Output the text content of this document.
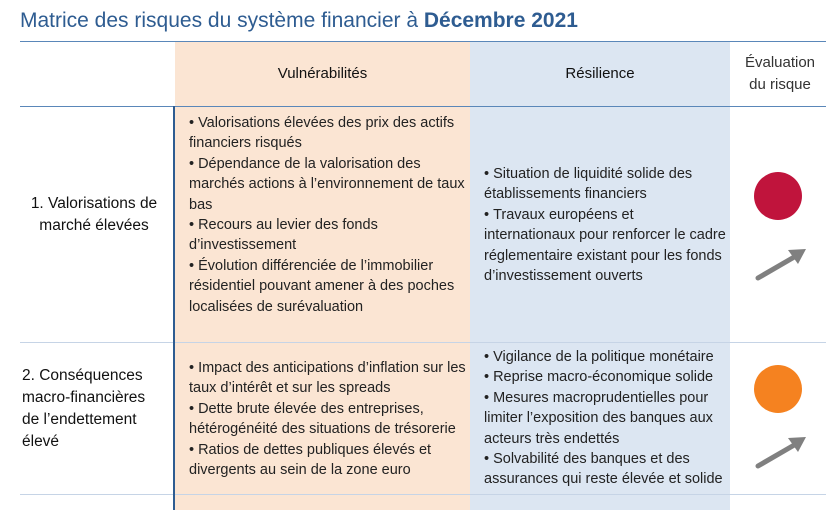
Matrice des risques du système financier à Décembre 2021
Vulnérabilités	Résilience
Évaluation du risque
1. Valorisations de marché élevées
• Valorisations élevées des prix des actifs financiers risqués
• Dépendance de la valorisation des marchés actions à l’environnement de taux bas
• Recours au levier des fonds d’investissement
• Évolution différenciée de l’immobilier résidentiel pouvant amener à des poches localisées de surévaluation
• Situation de liquidité solide des établissements financiers
• Travaux européens et internationaux pour renforcer le cadre réglementaire existant pour les fonds d’investissement ouverts
2. Conséquences macro-financières de l’endettement élevé
• Impact des anticipations d’inflation sur les taux d’intérêt et sur les spreads
• Dette brute élevée des entreprises, hétérogénéité des situations de trésorerie
• Ratios de dettes publiques élevés et divergents au sein de la zone euro
• Vigilance de la politique monétaire
• Reprise macro-économique solide
• Mesures macroprudentielles pour limiter l’exposition des banques aux acteurs très endettés
• Solvabilité des banques et des assurances qui reste élevée et solide
